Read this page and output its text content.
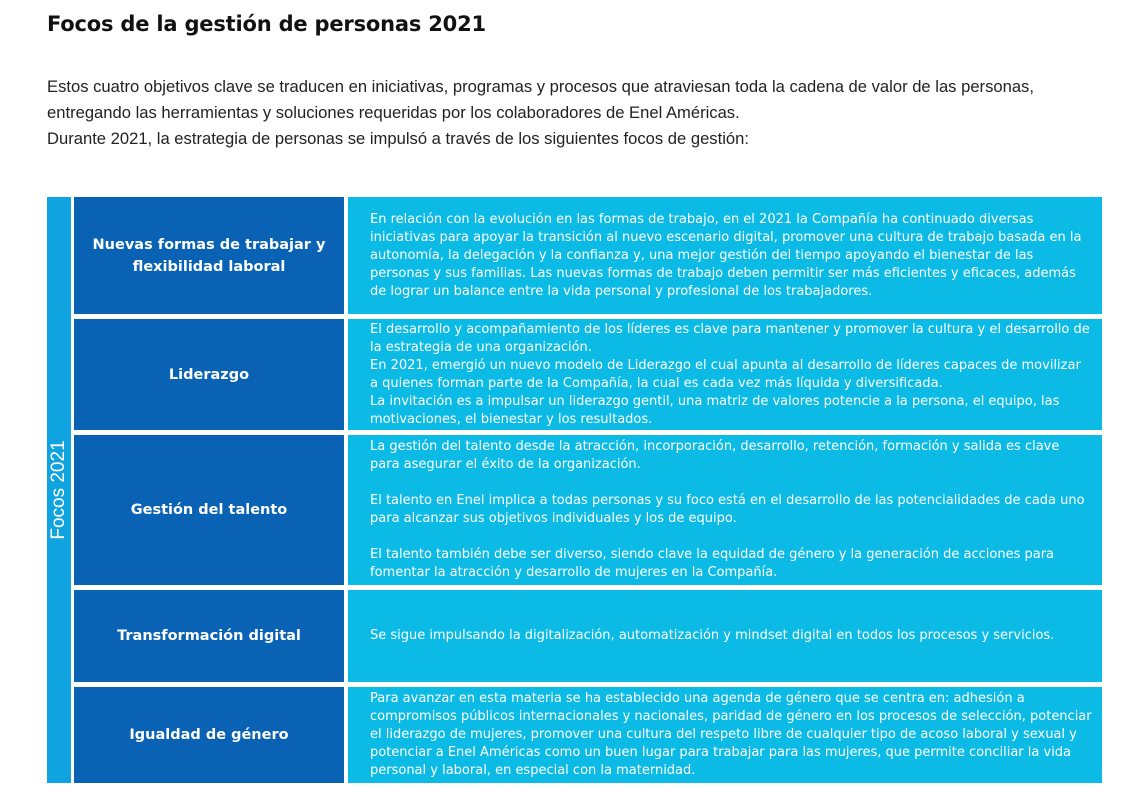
Focos de la gestión de personas 2021

Estos cuatro objetivos clave se traducen en iniciativas, programas y procesos que atraviesan toda la cadena de valor de las personas, entregando las herramientas y soluciones requeridas por los colaboradores de Enel Américas.

Durante 2021, la estrategia de personas se impulsó a través de los siguientes focos de gestión:

Focos 2021
Nuevas formas de trabajar y flexibilidad laboral

En relación con la evolución en las formas de trabajo, en el 2021 la Compañía ha continuado diversas iniciativas para apoyar la transición al nuevo escenario digital, promover una cultura de trabajo basada en la autonomía, la delegación y la confianza y, una mejor gestión del tiempo apoyando el bienestar de las personas y sus familias. Las nuevas formas de trabajo deben permitir ser más eficientes y eficaces, además de lograr un balance entre la vida personal y profesional de los trabajadores.

Liderazgo

El desarrollo y acompañamiento de los líderes es clave para mantener y promover la cultura y el desarrollo de la estrategia de una organización.

En 2021, emergió un nuevo modelo de Liderazgo el cual apunta al desarrollo de líderes capaces de movilizar a quienes forman parte de la Compañía, la cual es cada vez más líquida y diversificada.

La invitación es a impulsar un liderazgo gentil, una matriz de valores potencie a la persona, el equipo, las motivaciones, el bienestar y los resultados.

Gestión del talento

La gestión del talento desde la atracción, incorporación, desarrollo, retención, formación y salida es clave para asegurar el éxito de la organización.

El talento en Enel implica a todas personas y su foco está en el desarrollo de las potencialidades de cada uno para alcanzar sus objetivos individuales y los de equipo.

El talento también debe ser diverso, siendo clave la equidad de género y la generación de acciones para fomentar la atracción y desarrollo de mujeres en la Compañía.

Transformación digital	Se sigue impulsando la digitalización, automatización y mindset digital en todos los procesos y servicios.

Igualdad de género

Para avanzar en esta materia se ha establecido una agenda de género que se centra en: adhesión a compromisos públicos internacionales y nacionales, paridad de género en los procesos de selección, potenciar el liderazgo de mujeres, promover una cultura del respeto libre de cualquier tipo de acoso laboral y sexual y potenciar a Enel Américas como un buen lugar para trabajar para las mujeres, que permite conciliar la vida personal y laboral, en especial con la maternidad.
